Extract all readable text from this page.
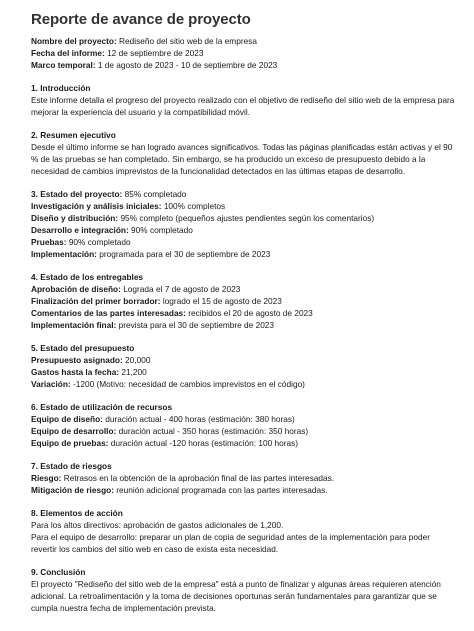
Reporte de avance de proyecto

Nombre del proyecto: Rediseño del sitio web de la empresa

Fecha del informe: 12 de septiembre de 2023

Marco temporal: 1 de agosto de 2023 - 10 de septiembre de 2023

1. Introducción

Este informe detalla el progreso del proyecto realizado con el objetivo de rediseño del sitio web de la empresa para mejorar la experiencia del usuario y la compatibilidad móvil.

2. Resumen ejecutivo

Desde el último informe se han logrado avances significativos. Todas las páginas planificadas están activas y el 90 % de las pruebas se han completado. Sin embargo, se ha producido un exceso de presupuesto debido a la necesidad de cambios imprevistos de la funcionalidad detectados en las últimas etapas de desarrollo.

3. Estado del proyecto: 85% completado

Investigación y análisis iniciales: 100% completos

Diseño y distribución: 95% completo (pequeños ajustes pendientes según los comentarios)

Desarrollo e integración: 90% completado

Pruebas: 90% completado

Implementación: programada para el 30 de septiembre de 2023

4. Estado de los entregables

Aprobación de diseño: Lograda el 7 de agosto de 2023

Finalización del primer borrador: logrado el 15 de agosto de 2023

Comentarios de las partes interesadas: recibidos el 20 de agosto de 2023

Implementación final: prevista para el 30 de septiembre de 2023

5. Estado del presupuesto

Presupuesto asignado: 20,000

Gastos hasta la fecha: 21,200

Variación: -1200 (Motivo: necesidad de cambios imprevistos en el código)

6. Estado de utilización de recursos

Equipo de diseño: duración actual - 400 horas (estimación: 380 horas)

Equipo de desarrollo: duración actual - 350 horas (estimación: 350 horas)

Equipo de pruebas: duración actual -120 horas (estimación: 100 horas)

7. Estado de riesgos

Riesgo: Retrasos en la obtención de la aprobación final de las partes interesadas.

Mitigación de riesgo: reunión adicional programada con las partes interesadas.

8. Elementos de acción

Para los altos directivos: aprobación de gastos adicionales de 1,200.

Para el equipo de desarrollo: preparar un plan de copia de seguridad antes de la implementación para poder revertir los cambios del sitio web en caso de exista esta necesidad.

9. Conclusión

El proyecto "Rediseño del sitio web de la empresa" está a punto de finalizar y algunas áreas requieren atención adicional. La retroalimentación y la toma de decisiones oportunas serán fundamentales para garantizar que se cumpla nuestra fecha de implementación prevista.
